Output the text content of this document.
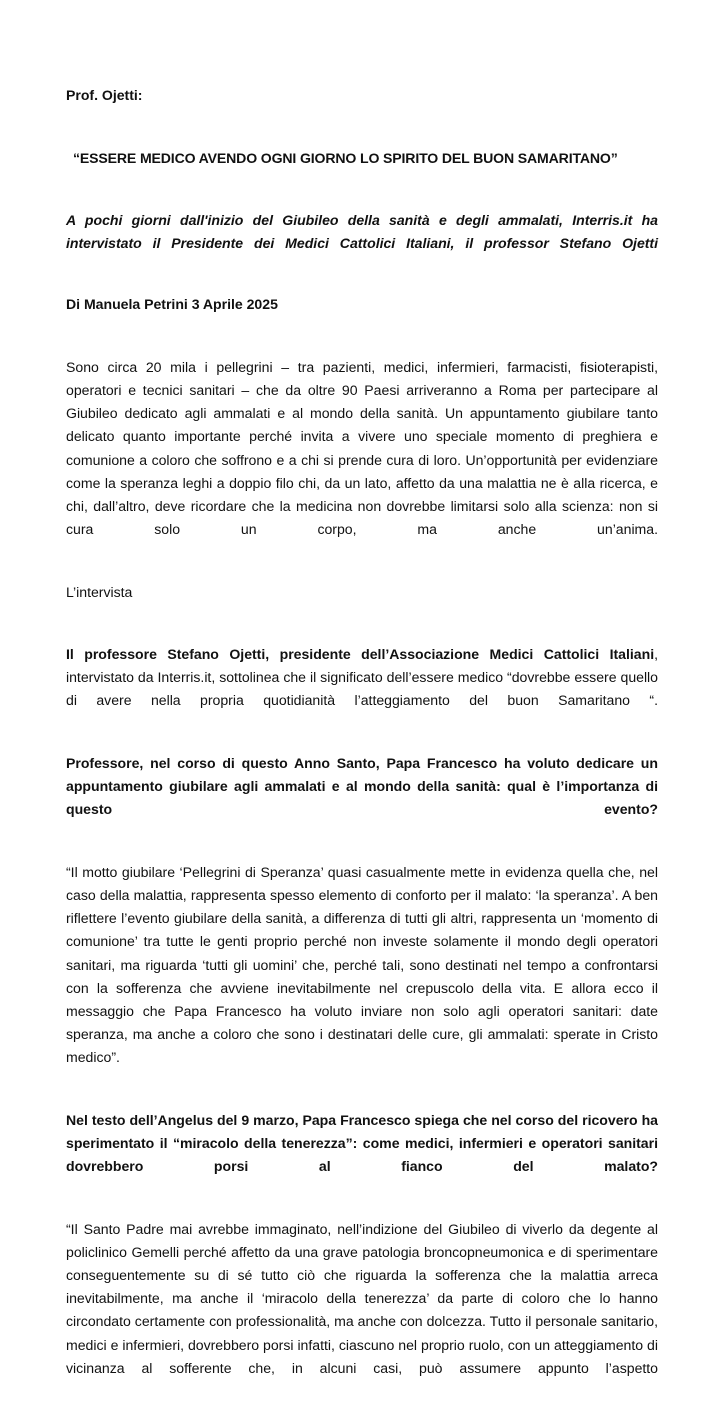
Prof. Ojetti:

“ESSERE MEDICO AVENDO OGNI GIORNO LO SPIRITO DEL BUON SAMARITANO”

A pochi giorni dall'inizio del Giubileo della sanità e degli ammalati, Interris.it ha intervistato il Presidente dei Medici Cattolici Italiani, il professor Stefano Ojetti

Di Manuela Petrini 3 Aprile 2025

Sono circa 20 mila i pellegrini – tra pazienti, medici, infermieri, farmacisti, fisioterapisti, operatori e tecnici sanitari – che da oltre 90 Paesi arriveranno a Roma per partecipare al Giubileo dedicato agli ammalati e al mondo della sanità. Un appuntamento giubilare tanto delicato quanto importante perché invita a vivere uno speciale momento di preghiera e comunione a coloro che soffrono e a chi si prende cura di loro. Un’opportunità per evidenziare come la speranza leghi a doppio filo chi, da un lato, affetto da una malattia ne è alla ricerca, e chi, dall’altro, deve ricordare che la medicina non dovrebbe limitarsi solo alla scienza: non si cura solo un corpo, ma anche un’anima.

L’intervista

Il professore Stefano Ojetti, presidente dell’Associazione Medici Cattolici Italiani, intervistato da Interris.it, sottolinea che il significato dell’essere medico “dovrebbe essere quello di avere nella propria quotidianità l’atteggiamento del buon Samaritano “.

Professore, nel corso di questo Anno Santo, Papa Francesco ha voluto dedicare un appuntamento giubilare agli ammalati e al mondo della sanità: qual è l’importanza di questo evento?

“Il motto giubilare ‘Pellegrini di Speranza’ quasi casualmente mette in evidenza quella che, nel caso della malattia, rappresenta spesso elemento di conforto per il malato: ‘la speranza’. A ben riflettere l’evento giubilare della sanità, a differenza di tutti gli altri, rappresenta un ‘momento di comunione’ tra tutte le genti proprio perché non investe solamente il mondo degli operatori sanitari, ma riguarda ‘tutti gli uomini’ che, perché tali, sono destinati nel tempo a confrontarsi con la sofferenza che avviene inevitabilmente nel crepuscolo della vita. E allora ecco il messaggio che Papa Francesco ha voluto inviare non solo agli operatori sanitari: date speranza, ma anche a coloro che sono i destinatari delle cure, gli ammalati: sperate in Cristo medico”.

Nel testo dell’Angelus del 9 marzo, Papa Francesco spiega che nel corso del ricovero ha sperimentato il “miracolo della tenerezza”: come medici, infermieri e operatori sanitari dovrebbero porsi al fianco del malato?

“Il Santo Padre mai avrebbe immaginato, nell’indizione del Giubileo di viverlo da degente al policlinico Gemelli perché affetto da una grave patologia broncopneumonica e di sperimentare conseguentemente su di sé tutto ciò che riguarda la sofferenza che la malattia arreca inevitabilmente, ma anche il ‘miracolo della tenerezza’ da parte di coloro che lo hanno circondato certamente con professionalità, ma anche con dolcezza. Tutto il personale sanitario, medici e infermieri, dovrebbero porsi infatti, ciascuno nel proprio ruolo, con un atteggiamento di vicinanza al sofferente che, in alcuni casi, può assumere appunto l’aspetto
